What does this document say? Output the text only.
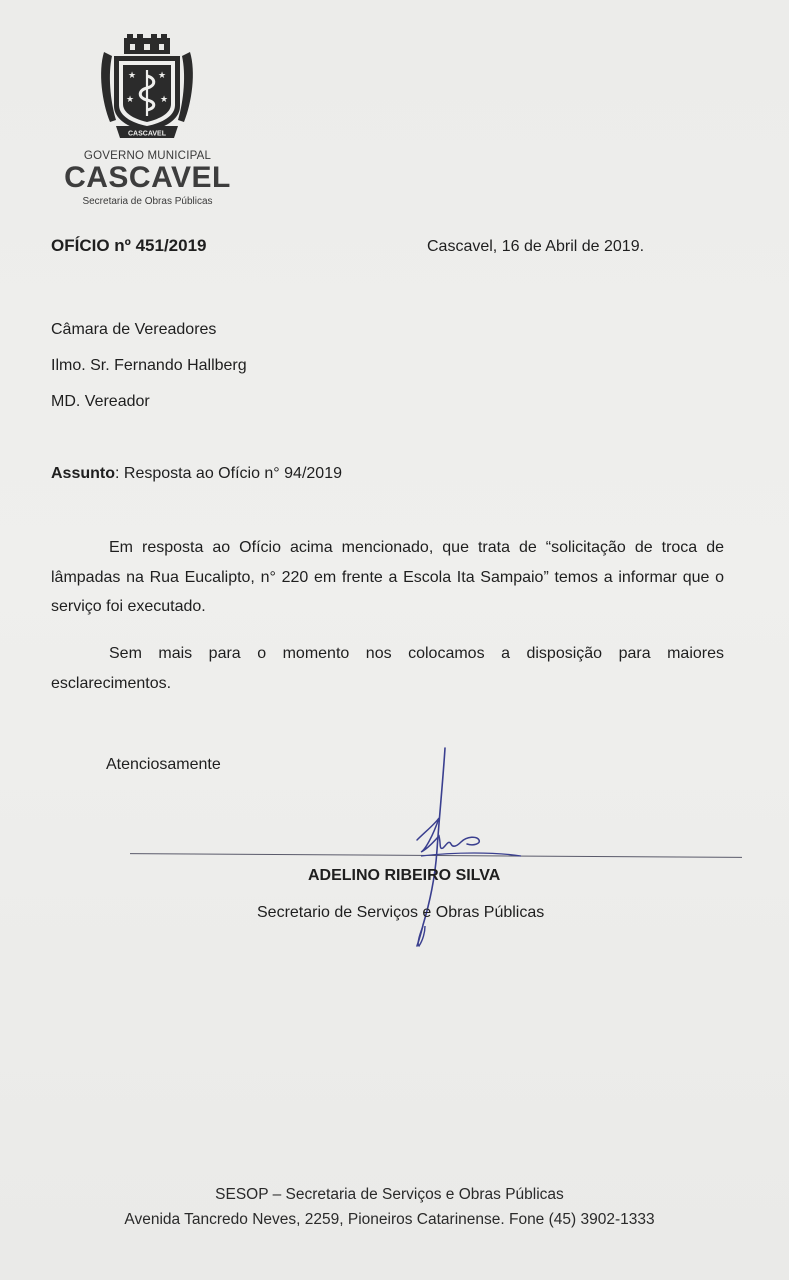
★ ★
★	★
CASCAVEL
GOVERNO MUNICIPAL
CASCAVEL
Secretaria de Obras Públicas
OFÍCIO nº 451/2019	Cascavel, 16 de Abril de 2019.
Câmara de Vereadores
Ilmo. Sr. Fernando Hallberg
MD. Vereador
Assunto: Resposta ao Ofício n° 94/2019
Em resposta ao Ofício acima mencionado, que trata de “solicitação de troca de lâmpadas na Rua Eucalipto, n° 220 em frente a Escola Ita Sampaio” temos a informar que o serviço foi executado.
Sem mais para o momento nos colocamos a disposição para maiores esclarecimentos.
Atenciosamente
ADELINO RIBEIRO SILVA
Secretario de Serviços e Obras Públicas
SESOP – Secretaria de Serviços e Obras Públicas
Avenida Tancredo Neves, 2259, Pioneiros Catarinense. Fone (45) 3902-1333
